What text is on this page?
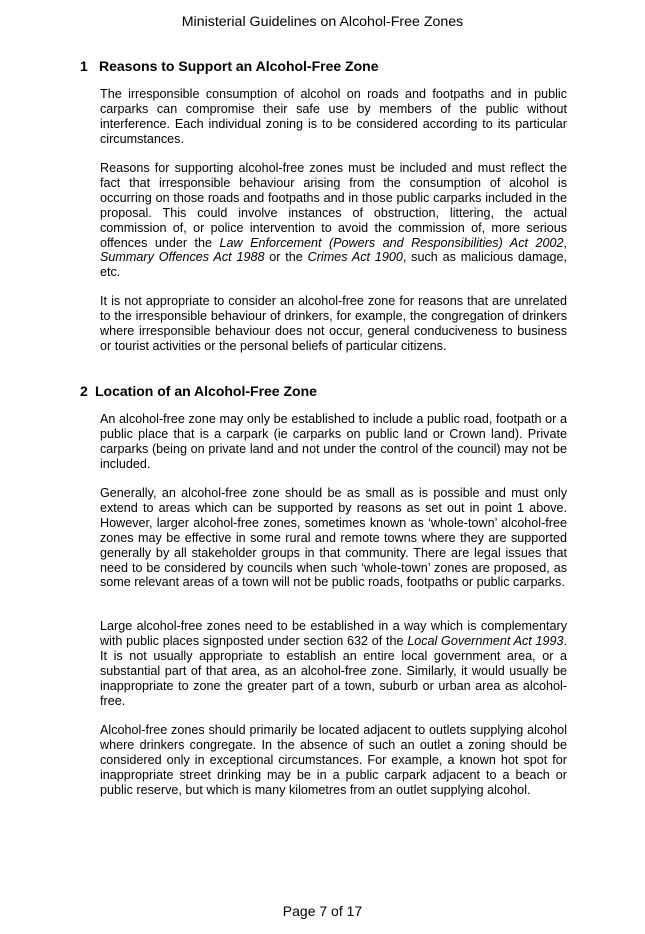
Ministerial Guidelines on Alcohol-Free Zones

1 Reasons to Support an Alcohol-Free Zone

The irresponsible consumption of alcohol on roads and footpaths and in public carparks can compromise their safe use by members of the public without interference. Each individual zoning is to be considered according to its particular circumstances.

Reasons for supporting alcohol-free zones must be included and must reflect the fact that irresponsible behaviour arising from the consumption of alcohol is occurring on those roads and footpaths and in those public carparks included in the proposal. This could involve instances of obstruction, littering, the actual commission of, or police intervention to avoid the commission of, more serious offences under the Law Enforcement (Powers and Responsibilities) Act 2002, Summary Offences Act 1988 or the Crimes Act 1900, such as malicious damage, etc.

It is not appropriate to consider an alcohol-free zone for reasons that are unrelated to the irresponsible behaviour of drinkers, for example, the congregation of drinkers where irresponsible behaviour does not occur, general conduciveness to business or tourist activities or the personal beliefs of particular citizens.

2 Location of an Alcohol-Free Zone

An alcohol-free zone may only be established to include a public road, footpath or a public place that is a carpark (ie carparks on public land or Crown land). Private carparks (being on private land and not under the control of the council) may not be included.

Generally, an alcohol-free zone should be as small as is possible and must only extend to areas which can be supported by reasons as set out in point 1 above. However, larger alcohol-free zones, sometimes known as ‘whole-town’ alcohol-free zones may be effective in some rural and remote towns where they are supported generally by all stakeholder groups in that community. There are legal issues that need to be considered by councils when such ‘whole-town’ zones are proposed, as some relevant areas of a town will not be public roads, footpaths or public carparks.

Large alcohol-free zones need to be established in a way which is complementary with public places signposted under section 632 of the Local Government Act 1993. It is not usually appropriate to establish an entire local government area, or a substantial part of that area, as an alcohol-free zone. Similarly, it would usually be inappropriate to zone the greater part of a town, suburb or urban area as alcohol-free.

Alcohol-free zones should primarily be located adjacent to outlets supplying alcohol where drinkers congregate. In the absence of such an outlet a zoning should be considered only in exceptional circumstances. For example, a known hot spot for inappropriate street drinking may be in a public carpark adjacent to a beach or public reserve, but which is many kilometres from an outlet supplying alcohol.

Page 7 of 17
